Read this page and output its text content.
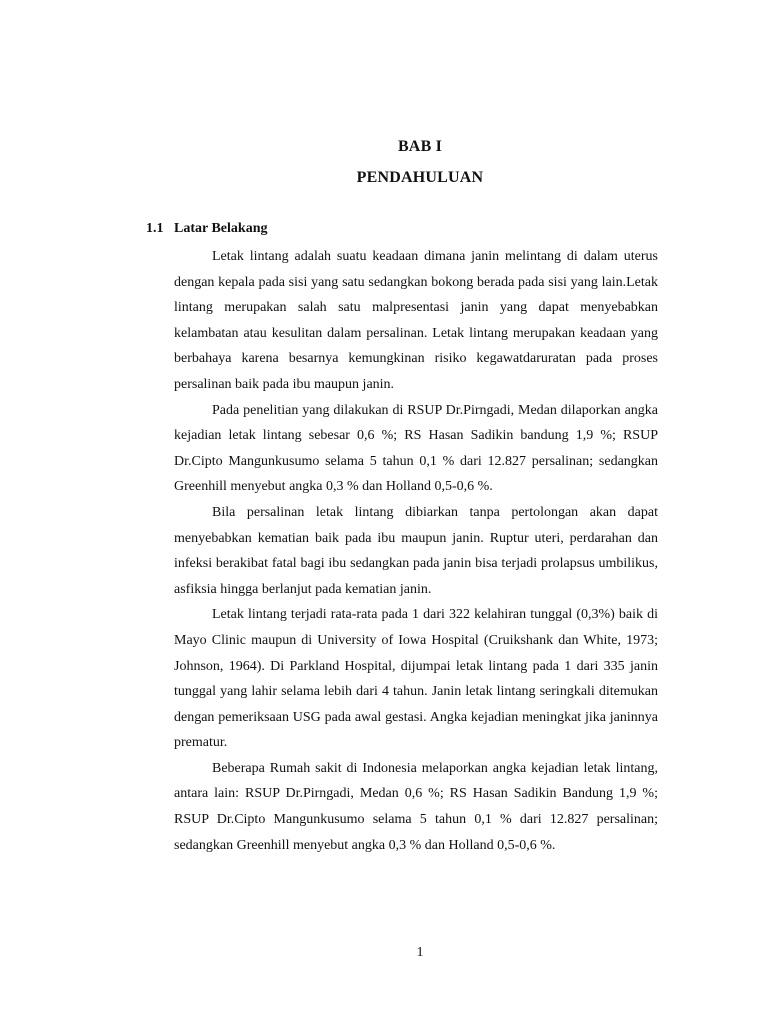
BAB I
PENDAHULUAN
1.1 Latar Belakang

Letak lintang adalah suatu keadaan dimana janin melintang di dalam uterus dengan kepala pada sisi yang satu sedangkan bokong berada pada sisi yang lain.Letak lintang merupakan salah satu malpresentasi janin yang dapat menyebabkan kelambatan atau kesulitan dalam persalinan. Letak lintang merupakan keadaan yang berbahaya karena besarnya kemungkinan risiko kegawatdaruratan pada proses persalinan baik pada ibu maupun janin.

Pada penelitian yang dilakukan di RSUP Dr.Pirngadi, Medan dilaporkan angka kejadian letak lintang sebesar 0,6 %; RS Hasan Sadikin bandung 1,9 %; RSUP Dr.Cipto Mangunkusumo selama 5 tahun 0,1 % dari 12.827 persalinan; sedangkan Greenhill menyebut angka 0,3 % dan Holland 0,5-0,6 %.

Bila persalinan letak lintang dibiarkan tanpa pertolongan akan dapat menyebabkan kematian baik pada ibu maupun janin. Ruptur uteri, perdarahan dan infeksi berakibat fatal bagi ibu sedangkan pada janin bisa terjadi prolapsus umbilikus, asfiksia hingga berlanjut pada kematian janin.

Letak lintang terjadi rata-rata pada 1 dari 322 kelahiran tunggal (0,3%) baik di Mayo Clinic maupun di University of Iowa Hospital (Cruikshank dan White, 1973; Johnson, 1964). Di Parkland Hospital, dijumpai letak lintang pada 1 dari 335 janin tunggal yang lahir selama lebih dari 4 tahun. Janin letak lintang seringkali ditemukan dengan pemeriksaan USG pada awal gestasi. Angka kejadian meningkat jika janinnya prematur.

Beberapa Rumah sakit di Indonesia melaporkan angka kejadian letak lintang, antara lain: RSUP Dr.Pirngadi, Medan 0,6 %; RS Hasan Sadikin Bandung 1,9 %; RSUP Dr.Cipto Mangunkusumo selama 5 tahun 0,1 % dari 12.827 persalinan; sedangkan Greenhill menyebut angka 0,3 % dan Holland 0,5-0,6 %.

1
